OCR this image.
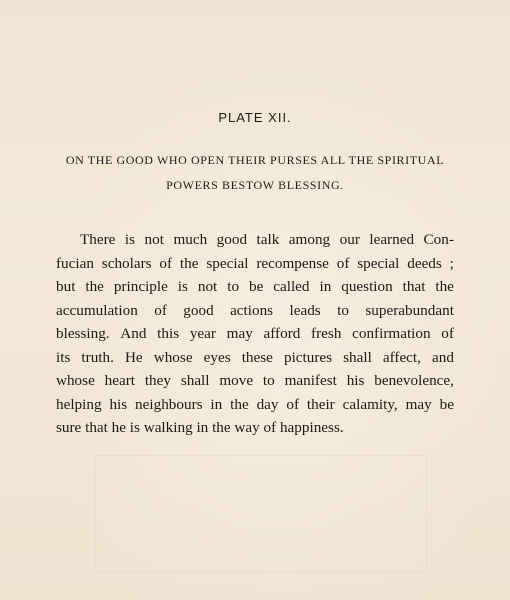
PLATE XII.
ON THE GOOD WHO OPEN THEIR PURSES ALL THE SPIRITUAL
POWERS BESTOW BLESSING.
There is not much good talk among our learned Con-
fucian scholars of the special recompense of special deeds ;
but the principle is not to be called in question that the
accumulation of good actions leads to superabundant
blessing. And this year may afford fresh confirmation of
its truth. He whose eyes these pictures shall affect, and
whose heart they shall move to manifest his benevolence,
helping his neighbours in the day of their calamity, may be
sure that he is walking in the way of happiness.
